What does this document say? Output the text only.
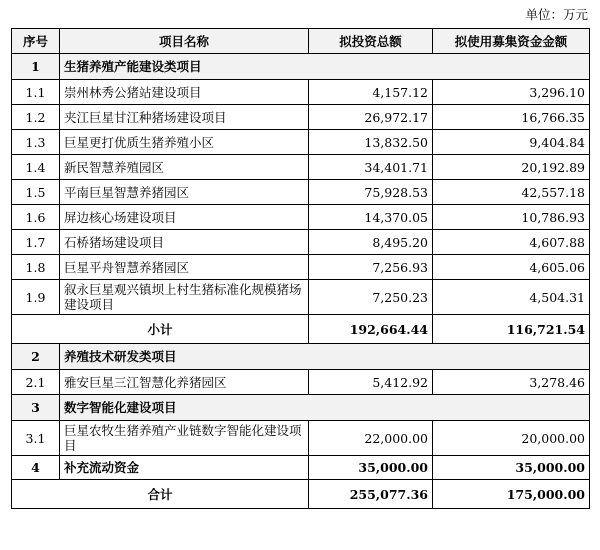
单位：万元
序号	项目名称	拟投资总额	拟使用募集资金金额
1	生猪养殖产能建设类项目		
1.1	崇州林秀公猪站建设项目	4,157.12	3,296.10
1.2	夹江巨星甘江种猪场建设项目	26,972.17	16,766.35
1.3	巨星更打优质生猪养殖小区	13,832.50	9,404.84
1.4	新民智慧养殖园区	34,401.71	20,192.89
1.5	平南巨星智慧养猪园区	75,928.53	42,557.18
1.6	屏边核心场建设项目	14,370.05	10,786.93
1.7	石桥猪场建设项目	8,495.20	4,607.88
1.8	巨星平舟智慧养猪园区	7,256.93	4,605.06
1.9	叙永巨星观兴镇坝上村生猪标准化规模猪场建设项目	7,250.23	4,504.31
小计		192,664.44	116,721.54
2	养殖技术研发类项目		
2.1	雅安巨星三江智慧化养猪园区	5,412.92	3,278.46
3	数字智能化建设项目		
3.1	巨星农牧生猪养殖产业链数字智能化建设项目	22,000.00	20,000.00
4	补充流动资金	35,000.00	35,000.00
合计		255,077.36	175,000.00
